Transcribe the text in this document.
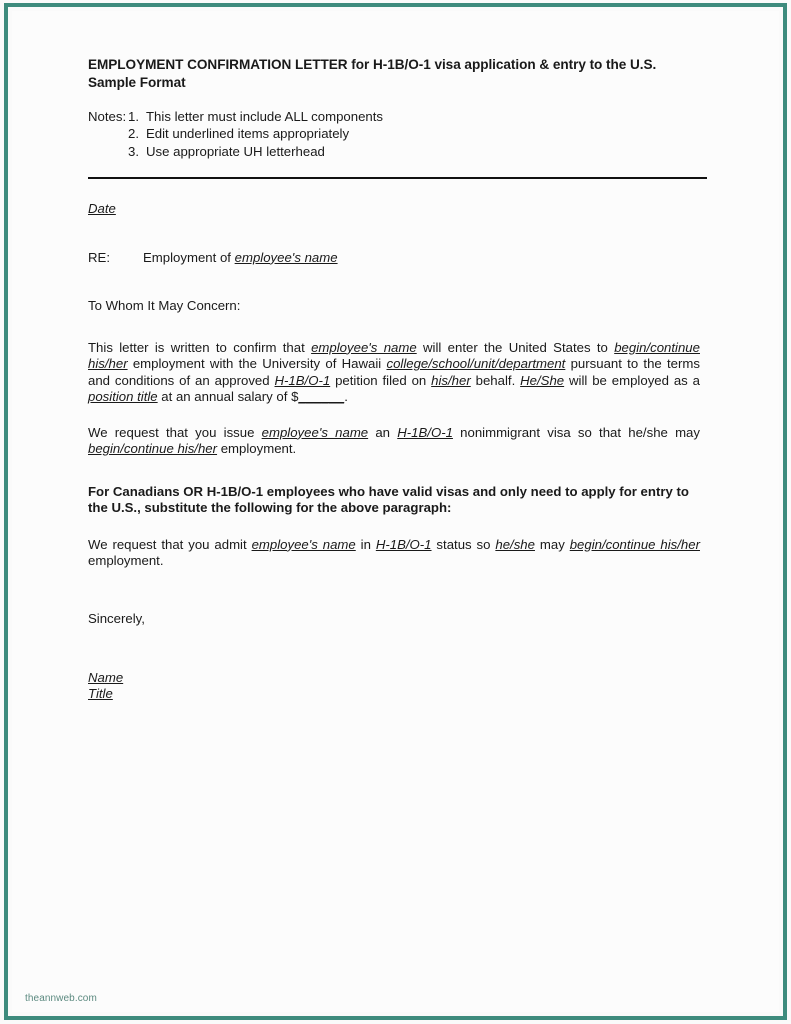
EMPLOYMENT CONFIRMATION LETTER for H-1B/O-1 visa application & entry to the U.S. Sample Format
Notes: 1. This letter must include ALL components
2. Edit underlined items appropriately
3. Use appropriate UH letterhead
Date
RE:	Employment of employee's name
To Whom It May Concern:

This letter is written to confirm that employee's name will enter the United States to begin/continue his/her employment with the University of Hawaii college/school/unit/department pursuant to the terms and conditions of an approved H-1B/O-1 petition filed on his/her behalf. He/She will be employed as a position title at an annual salary of $______.

We request that you issue employee's name an H-1B/O-1 nonimmigrant visa so that he/she may begin/continue his/her employment.

For Canadians OR H-1B/O-1 employees who have valid visas and only need to apply for entry to the U.S., substitute the following for the above paragraph:

We request that you admit employee's name in H-1B/O-1 status so he/she may begin/continue his/her employment.

Sincerely,
Name
Title
theannweb.com
